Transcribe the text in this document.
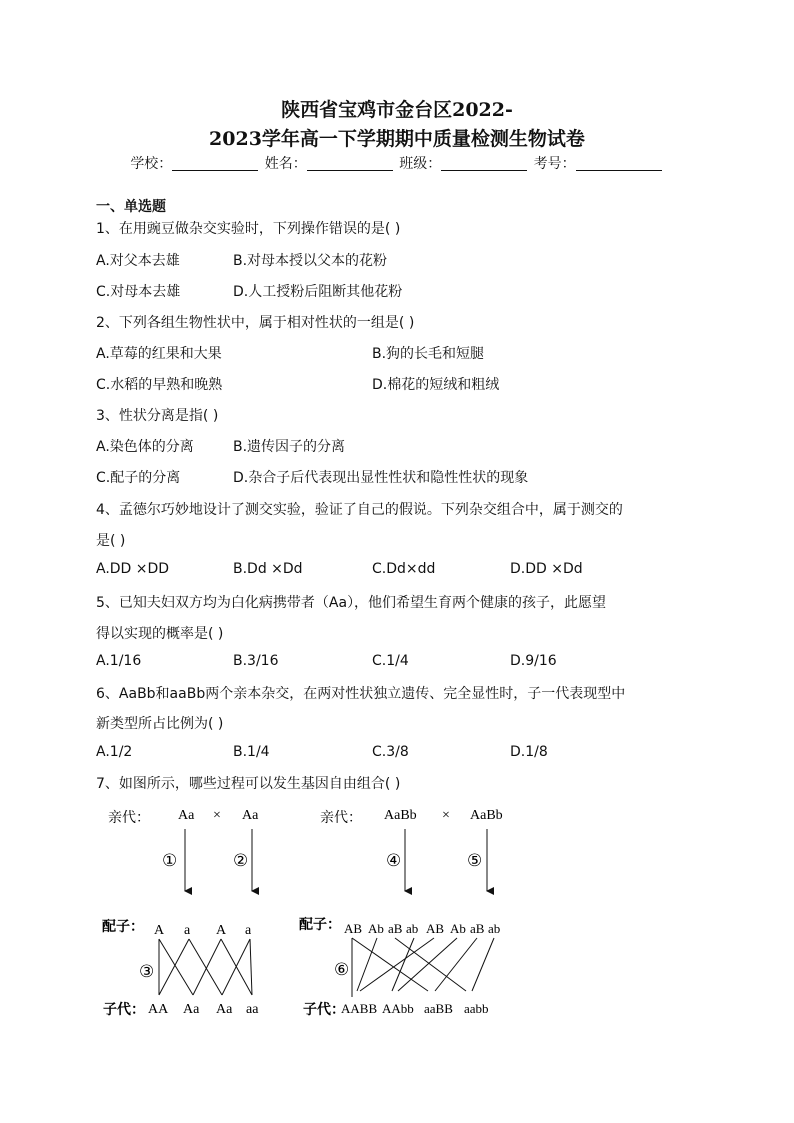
陕西省宝鸡市金台区2022-
2023学年高一下学期期中质量检测生物试卷
学校：	姓名：	班级：	考号：
一、单选题
1、在用豌豆做杂交实验时，下列操作错误的是( )
A.对父本去雄	B.对母本授以父本的花粉
C.对母本去雄	D.人工授粉后阻断其他花粉
2、下列各组生物性状中，属于相对性状的一组是( )
A.草莓的红果和大果	B.狗的长毛和短腿
C.水稻的早熟和晚熟	D.棉花的短绒和粗绒
3、性状分离是指( )
A.染色体的分离	B.遗传因子的分离
C.配子的分离	D.杂合子后代表现出显性性状和隐性性状的现象
4、孟德尔巧妙地设计了测交实验，验证了自己的假说。下列杂交组合中，属于测交的
是( )
A.DD ×DD	B.Dd ×Dd	C.Dd×dd	D.DD ×Dd
5、已知夫妇双方均为白化病携带者（Aa），他们希望生育两个健康的孩子，此愿望
得以实现的概率是( )
A.1/16	B.3/16	C.1/4	D.9/16
6、AaBb和aaBb两个亲本杂交，在两对性状独立遗传、完全显性时，子一代表现型中
新类型所占比例为( )
A.1/2	B.1/4	C.3/8	D.1/8
7、如图所示，哪些过程可以发生基因自由组合( )
亲代： Aa × Aa
①	②
配子： A a A a
③
子代： AA Aa Aa aa
亲代： AaBb × AaBb
④	⑤
配子： AB Ab aB ab AB Ab aB ab
⑥
子代：
AABB AAbb aaBB aabb
